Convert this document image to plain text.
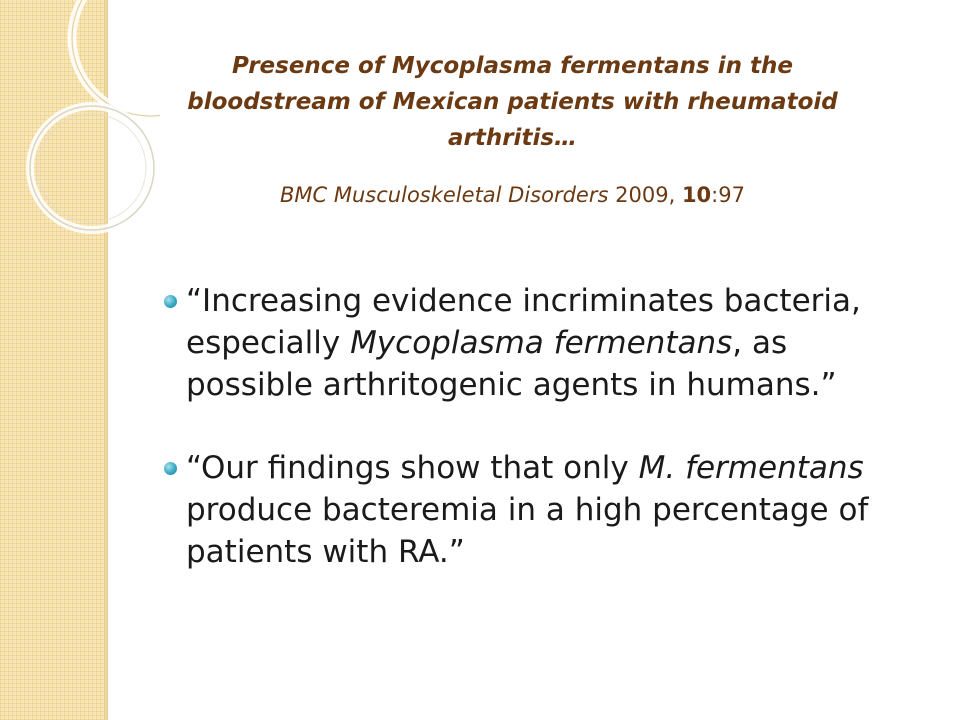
Presence of Mycoplasma fermentans in the bloodstream of Mexican patients with rheumatoid arthritis…
BMC Musculoskeletal Disorders 2009, 10:97
“Increasing evidence incriminates bacteria, especially Mycoplasma fermentans, as possible arthritogenic agents in humans.”
“Our findings show that only M. fermentans produce bacteremia in a high percentage of patients with RA.”
